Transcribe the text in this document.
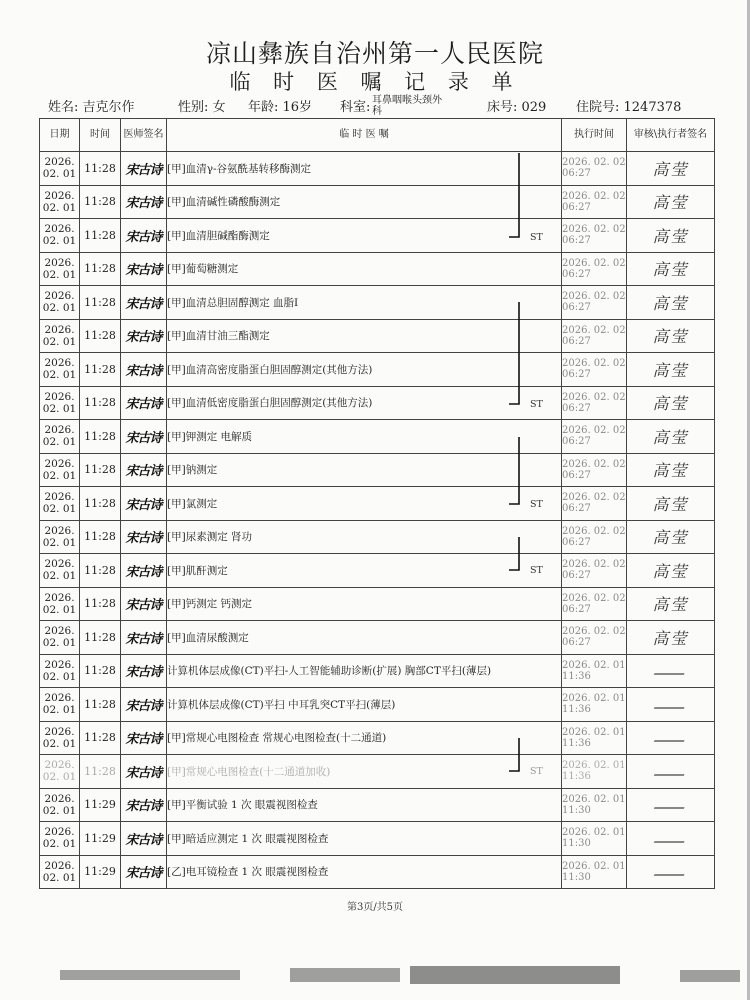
凉山彝族自治州第一人民医院
临 时 医 嘱 记 录 单
姓名: 吉克尔作	性别: 女 年龄: 16岁 科室: 耳鼻咽喉头颈外
科	床号: 029 住院号: 1247378
日期	时间	医师签名	临 时 医 嘱	执行时间	审核\执行者签名
2026. 02. 01	11:28	宋古诗	[甲]血清γ-谷氨酰基转移酶测定	2026. 02. 02 06:27	高莹
2026. 02. 01	11:28	宋古诗	[甲]血清碱性磷酸酶测定	2026. 02. 02 06:27	高莹
2026. 02. 01	11:28	宋古诗	[甲]血清胆碱酯酶测定	2026. 02. 02 06:27	高莹
2026. 02. 01	11:28	宋古诗	[甲]葡萄糖测定	2026. 02. 02 06:27	高莹
2026. 02. 01	11:28	宋古诗	[甲]血清总胆固醇测定 血脂I	2026. 02. 02 06:27	高莹
2026. 02. 01	11:28	宋古诗	[甲]血清甘油三酯测定	2026. 02. 02 06:27	高莹
2026. 02. 01	11:28	宋古诗	[甲]血清高密度脂蛋白胆固醇测定(其他方法)	2026. 02. 02 06:27	高莹
2026. 02. 01	11:28	宋古诗	[甲]血清低密度脂蛋白胆固醇测定(其他方法)	2026. 02. 02 06:27	高莹
2026. 02. 01	11:28	宋古诗	[甲]钾测定 电解质	2026. 02. 02 06:27	高莹
2026. 02. 01	11:28	宋古诗	[甲]钠测定	2026. 02. 02 06:27	高莹
2026. 02. 01	11:28	宋古诗	[甲]氯测定	2026. 02. 02 06:27	高莹
2026. 02. 01	11:28	宋古诗	[甲]尿素测定 肾功	2026. 02. 02 06:27	高莹
2026. 02. 01	11:28	宋古诗	[甲]肌酐测定	2026. 02. 02 06:27	高莹
2026. 02. 01	11:28	宋古诗	[甲]钙测定 钙测定	2026. 02. 02 06:27	高莹
2026. 02. 01	11:28	宋古诗	[甲]血清尿酸测定	2026. 02. 02 06:27	高莹
2026. 02. 01	11:28	宋古诗	计算机体层成像(CT)平扫-人工智能辅助诊断(扩展) 胸部CT平扫(薄层)	2026. 02. 01 11:36	
2026. 02. 01	11:28	宋古诗	计算机体层成像(CT)平扫 中耳乳突CT平扫(薄层)	2026. 02. 01 11:36	
2026. 02. 01	11:28	宋古诗	[甲]常规心电图检查 常规心电图检查(十二通道)	2026. 02. 01 11:36	
2026. 02. 01	11:28	宋古诗	[甲]常规心电图检查(十二通道加收)	2026. 02. 01 11:36	
2026. 02. 01	11:29	宋古诗	[甲]平衡试验 1 次 眼震视图检查	2026. 02. 01 11:30	
2026. 02. 01	11:29	宋古诗	[甲]暗适应测定 1 次 眼震视图检查	2026. 02. 01 11:30	
2026. 02. 01	11:29	宋古诗	[乙]电耳镜检查 1 次 眼震视图检查	2026. 02. 01 11:30	
ST
ST
ST
ST
ST
第3页/共5页
